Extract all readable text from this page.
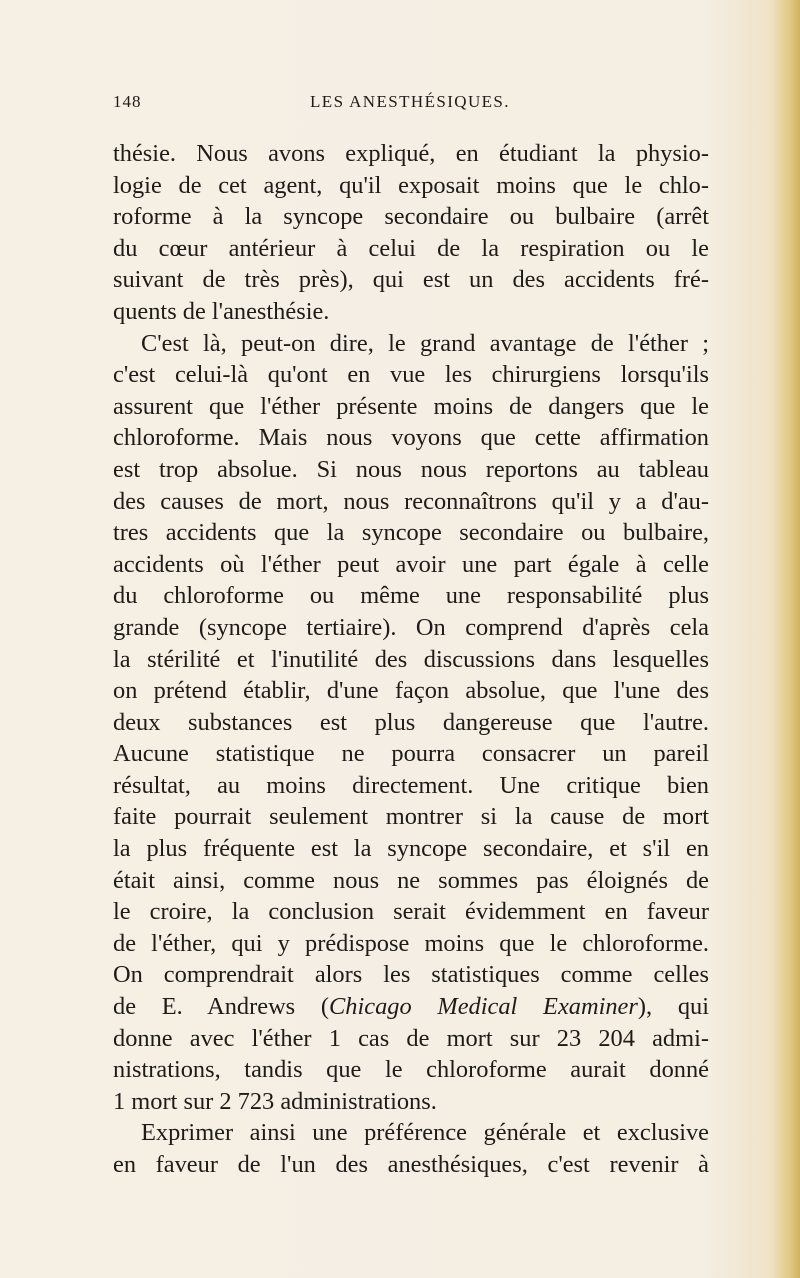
148	LES ANESTHÉSIQUES.
thésie. Nous avons expliqué, en étudiant la physio-
logie de cet agent, qu'il exposait moins que le chlo-
roforme à la syncope secondaire ou bulbaire (arrêt
du cœur antérieur à celui de la respiration ou le
suivant de très près), qui est un des accidents fré-
quents de l'anesthésie.
C'est là, peut-on dire, le grand avantage de l'éther ;
c'est celui-là qu'ont en vue les chirurgiens lorsqu'ils
assurent que l'éther présente moins de dangers que le
chloroforme. Mais nous voyons que cette affirmation
est trop absolue. Si nous nous reportons au tableau
des causes de mort, nous reconnaîtrons qu'il y a d'au-
tres accidents que la syncope secondaire ou bulbaire,
accidents où l'éther peut avoir une part égale à celle
du chloroforme ou même une responsabilité plus
grande (syncope tertiaire). On comprend d'après cela
la stérilité et l'inutilité des discussions dans lesquelles
on prétend établir, d'une façon absolue, que l'une des
deux substances est plus dangereuse que l'autre.
Aucune statistique ne pourra consacrer un pareil
résultat, au moins directement. Une critique bien
faite pourrait seulement montrer si la cause de mort
la plus fréquente est la syncope secondaire, et s'il en
était ainsi, comme nous ne sommes pas éloignés de
le croire, la conclusion serait évidemment en faveur
de l'éther, qui y prédispose moins que le chloroforme.
On comprendrait alors les statistiques comme celles
de E. Andrews (Chicago Medical Examiner), qui
donne avec l'éther 1 cas de mort sur 23 204 admi-
nistrations, tandis que le chloroforme aurait donné
1 mort sur 2 723 administrations.
Exprimer ainsi une préférence générale et exclusive
en faveur de l'un des anesthésiques, c'est revenir à
